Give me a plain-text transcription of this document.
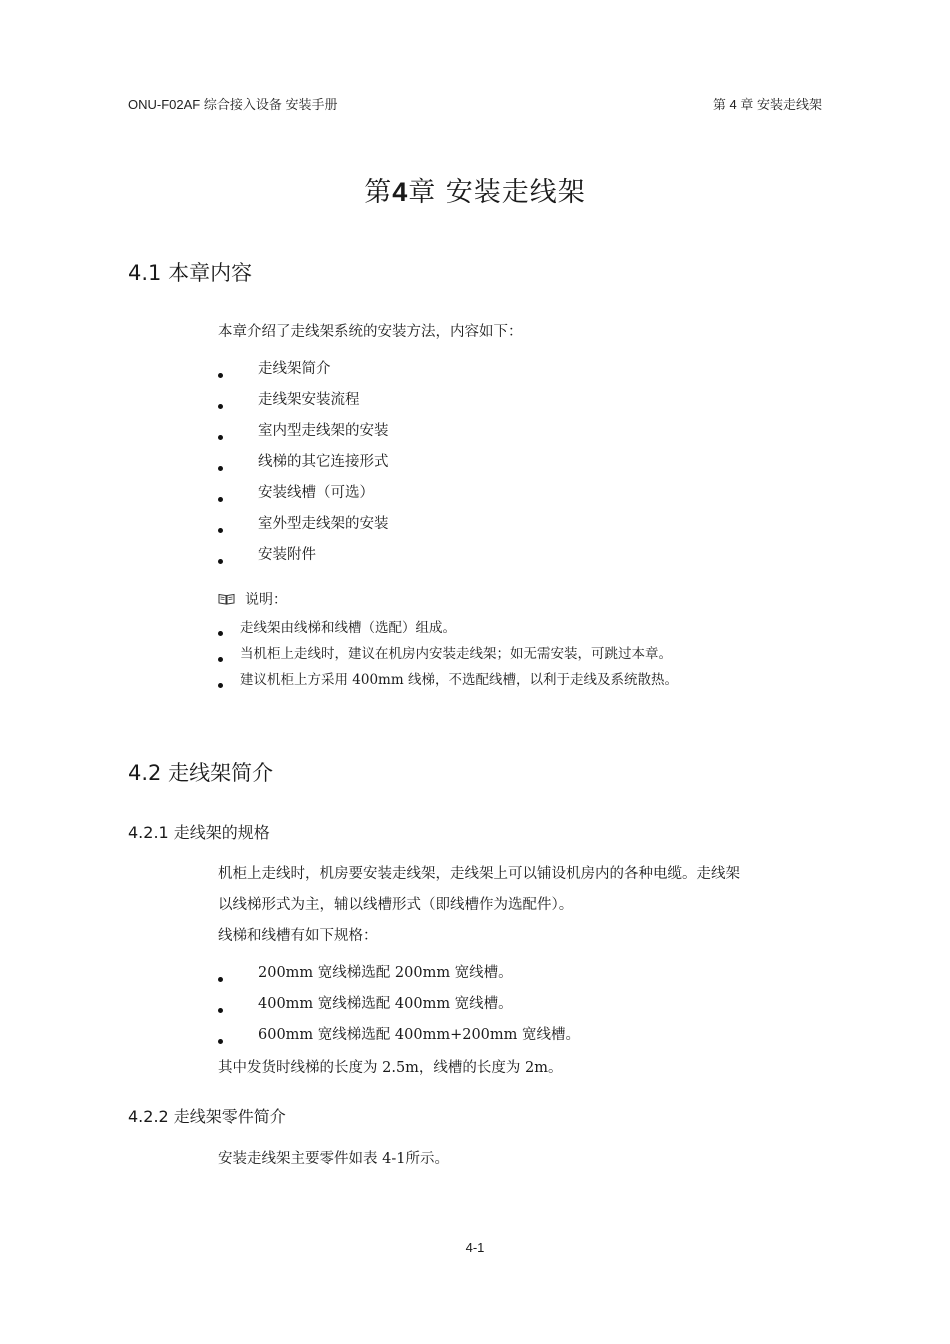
ONU-F02AF 综合接入设备 安装手册	第 4 章 安装走线架
第4章 安装走线架
4.1 本章内容
本章介绍了走线架系统的安装方法，内容如下：
走线架简介
走线架安装流程
室内型走线架的安装
线梯的其它连接形式
安装线槽（可选）
室外型走线架的安装
安装附件
说明：
走线架由线梯和线槽（选配）组成。
当机柜上走线时，建议在机房内安装走线架；如无需安装，可跳过本章。
建议机柜上方采用 400mm 线梯，不选配线槽，以利于走线及系统散热。
4.2 走线架简介
4.2.1 走线架的规格
机柜上走线时，机房要安装走线架，走线架上可以铺设机房内的各种电缆。走线架
以线梯形式为主，辅以线槽形式（即线槽作为选配件）。
线梯和线槽有如下规格：
200mm 宽线梯选配 200mm 宽线槽。
400mm 宽线梯选配 400mm 宽线槽。
600mm 宽线梯选配 400mm+200mm 宽线槽。
其中发货时线梯的长度为 2.5m，线槽的长度为 2m。
4.2.2 走线架零件简介
安装走线架主要零件如表 4-1所示。
4-1
